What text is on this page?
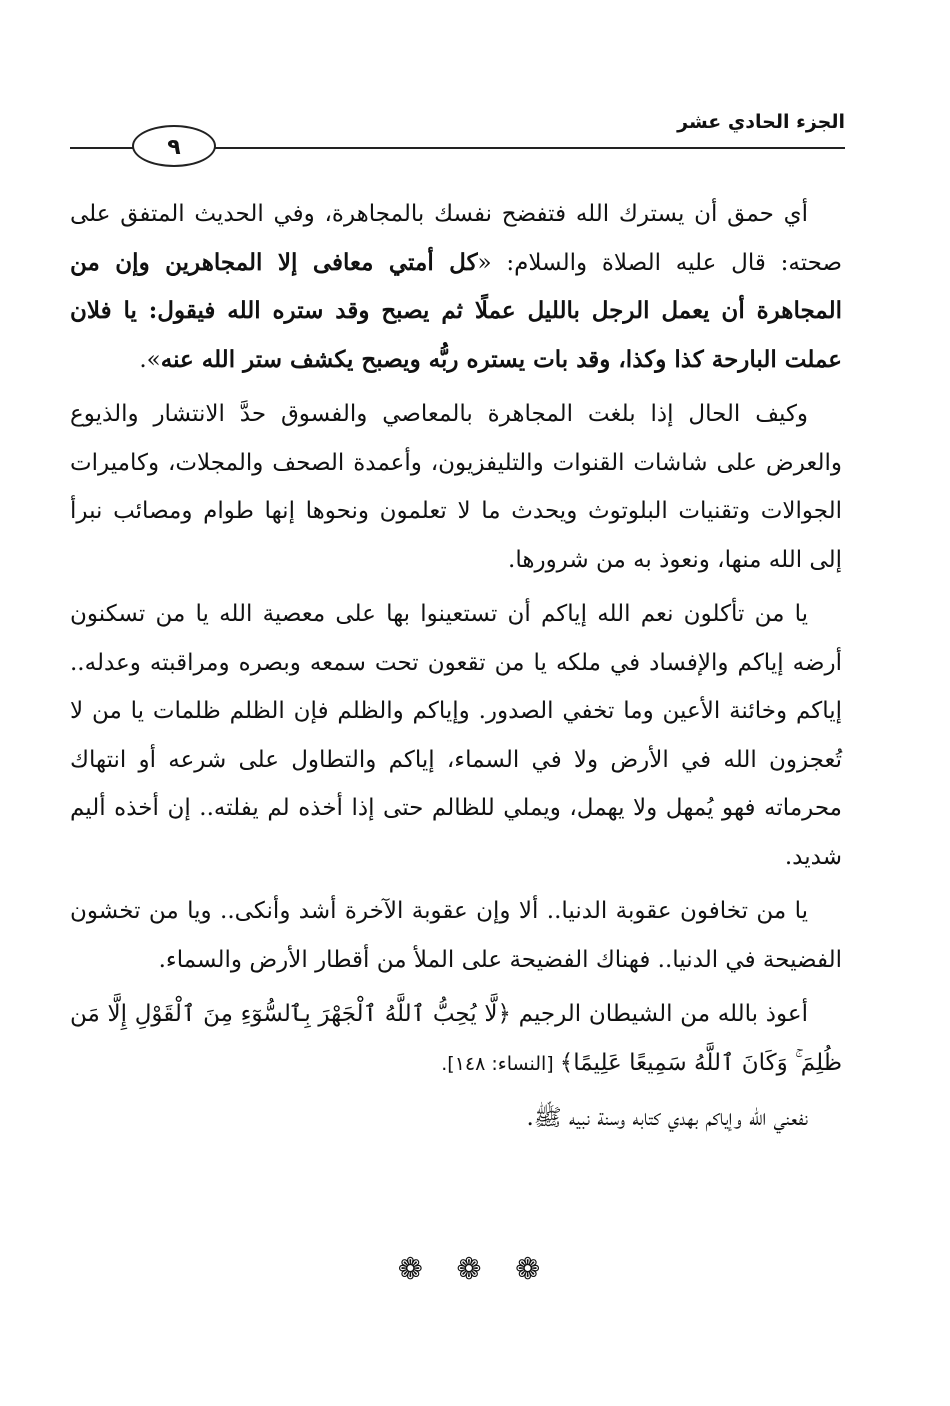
الجزء الحادي عشر
٩

أي حمق أن يسترك الله فتفضح نفسك بالمجاهرة، وفي الحديث المتفق على صحته: قال عليه الصلاة والسلام: «كل أمتي معافى إلا المجاهرين وإن من المجاهرة أن يعمل الرجل بالليل عملًا ثم يصبح وقد ستره الله فيقول: يا فلان عملت البارحة كذا وكذا، وقد بات يستره ربُّه ويصبح يكشف ستر الله عنه».

وكيف الحال إذا بلغت المجاهرة بالمعاصي والفسوق حدَّ الانتشار والذيوع والعرض على شاشات القنوات والتليفزيون، وأعمدة الصحف والمجلات، وكاميرات الجوالات وتقنيات البلوتوث ويحدث ما لا تعلمون ونحوها إنها طوام ومصائب نبرأ إلى الله منها، ونعوذ به من شرورها.

يا من تأكلون نعم الله إياكم أن تستعينوا بها على معصية الله يا من تسكنون أرضه إياكم والإفساد في ملكه يا من تقعون تحت سمعه وبصره ومراقبته وعدله.. إياكم وخائنة الأعين وما تخفي الصدور. وإياكم والظلم فإن الظلم ظلمات يا من لا تُعجزون الله في الأرض ولا في السماء، إياكم والتطاول على شرعه أو انتهاك محرماته فهو يُمهل ولا يهمل، ويملي للظالم حتى إذا أخذه لم يفلته.. إن أخذه أليم شديد.

يا من تخافون عقوبة الدنيا.. ألا وإن عقوبة الآخرة أشد وأنكى.. ويا من تخشون الفضيحة في الدنيا.. فهناك الفضيحة على الملأ من أقطار الأرض والسماء.

أعوذ بالله من الشيطان الرجيم ﴿لَّا يُحِبُّ ٱللَّهُ ٱلْجَهْرَ بِٱلسُّوٓءِ مِنَ ٱلْقَوْلِ إِلَّا مَن ظُلِمَ ۚ وَكَانَ ٱللَّهُ سَمِيعًا عَلِيمًا﴾ [النساء: ١٤٨].

نفعني الله وإياكم بهدي كتابه وسنة نبيه ﷺ.

❁ ❁ ❁
